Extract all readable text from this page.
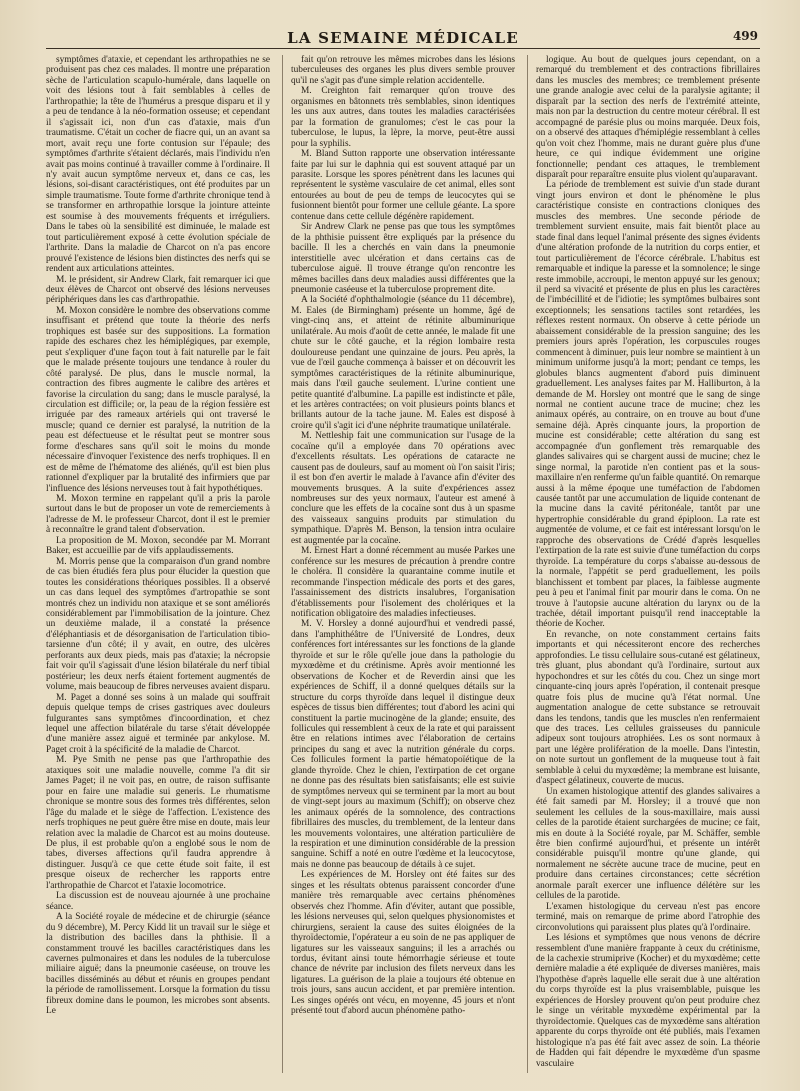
LA SEMAINE MÉDICALE	499

symptômes d'ataxie, et cependant les arthropathies ne se produisent pas chez ces malades. Il montre une préparation sèche de l'articulation scapulo-humérale, dans laquelle on voit des lésions tout à fait semblables à celles de l'arthropathie; la tête de l'humérus a presque disparu et il y a peu de tendance à la néo-formation osseuse; et cependant il s'agissait ici, non d'un cas d'ataxie, mais d'un traumatisme. C'était un cocher de fiacre qui, un an avant sa mort, avait reçu une forte contusion sur l'épaule; des symptômes d'arthrite s'étaient déclarés, mais l'individu n'en avait pas moins continué à travailler comme à l'ordinaire. Il n'y avait aucun symptôme nerveux et, dans ce cas, les lésions, soi-disant caractéristiques, ont été produites par un simple traumatisme. Toute forme d'arthrite chronique tend à se transformer en arthropathie lorsque la jointure atteinte est soumise à des mouvements fréquents et irréguliers. Dans le tabes où la sensibilité est diminuée, le malade est tout particulièrement exposé à cette évolution spéciale de l'arthrite. Dans la maladie de Charcot on n'a pas encore prouvé l'existence de lésions bien distinctes des nerfs qui se rendent aux articulations atteintes.

M. le président, sir Andrew Clark, fait remarquer ici que deux élèves de Charcot ont observé des lésions nerveuses périphériques dans les cas d'arthropathie.

M. Moxon considère le nombre des observations comme insuffisant et prétend que toute la théorie des nerfs trophiques est basée sur des suppositions. La formation rapide des eschares chez les hémiplégiques, par exemple, peut s'expliquer d'une façon tout à fait naturelle par le fait que le malade présente toujours une tendance à rouler du côté paralysé. De plus, dans le muscle normal, la contraction des fibres augmente le calibre des artères et favorise la circulation du sang; dans le muscle paralysé, la circulation est difficile; or, la peau de la région fessière est irriguée par des rameaux artériels qui ont traversé le muscle; quand ce dernier est paralysé, la nutrition de la peau est défectueuse et le résultat peut se montrer sous forme d'eschares sans qu'il soit le moins du monde nécessaire d'invoquer l'existence des nerfs trophiques. Il en est de même de l'hématome des aliénés, qu'il est bien plus rationnel d'expliquer par la brutalité des infirmiers que par l'influence des lésions nerveuses tout à fait hypothétiques.

M. Moxon termine en rappelant qu'il a pris la parole surtout dans le but de proposer un vote de remerciements à l'adresse de M. le professeur Charcot, dont il est le premier à reconnaître le grand talent d'observation.

La proposition de M. Moxon, secondée par M. Morrant Baker, est accueillie par de vifs applaudissements.

M. Morris pense que la comparaison d'un grand nombre de cas bien étudiés fera plus pour élucider la question que toutes les considérations théoriques possibles. Il a observé un cas dans lequel des symptômes d'artropathie se sont montrés chez un individu non ataxique et se sont améliorés considérablement par l'immobilisation de la jointure. Chez un deuxième malade, il a constaté la présence d'éléphantiasis et de désorganisation de l'articulation tibio-tarsienne d'un côté; il y avait, en outre, des ulcères perforants aux deux pieds, mais pas d'ataxie; la nécropsie fait voir qu'il s'agissait d'une lésion bilatérale du nerf tibial postérieur; les deux nerfs étaient fortement augmentés de volume, mais beaucoup de fibres nerveuses avaient disparu.

M. Paget a donné ses soins à un malade qui souffrait depuis quelque temps de crises gastriques avec douleurs fulgurantes sans symptômes d'incoordination, et chez lequel une affection bilatérale du tarse s'était développée d'une manière assez aiguë et terminée par ankylose. M. Paget croit à la spécificité de la maladie de Charcot.

M. Pye Smith ne pense pas que l'arthropathie des ataxiques soit une maladie nouvelle, comme l'a dit sir James Paget; il ne voit pas, en outre, de raison suffisante pour en faire une maladie sui generis. Le rhumatisme chronique se montre sous des formes très différentes, selon l'âge du malade et le siège de l'affection. L'existence des nerfs trophiques ne peut guère être mise en doute, mais leur relation avec la maladie de Charcot est au moins douteuse. De plus, il est probable qu'on a englobé sous le nom de tabes, diverses affections qu'il faudra apprendre à distinguer. Jusqu'à ce que cette étude soit faite, il est presque oiseux de rechercher les rapports entre l'arthropathie de Charcot et l'ataxie locomotrice.

La discussion est de nouveau ajournée à une prochaine séance.

A la Société royale de médecine et de chirurgie (séance du 9 décembre), M. Percy Kidd lit un travail sur le siège et la distribution des bacilles dans la phthisie. Il a constamment trouvé les bacilles caractéristiques dans les cavernes pulmonaires et dans les nodules de la tuberculose miliaire aiguë; dans la pneumonie caséeuse, on trouve les bacilles disséminés au début et réunis en groupes pendant la période de ramollissement. Lorsque la formation du tissu fibreux domine dans le poumon, les microbes sont absents. Le

fait qu'on retrouve les mêmes microbes dans les lésions tuberculeuses des organes les plus divers semble prouver qu'il ne s'agit pas d'une simple relation accidentelle.

M. Creighton fait remarquer qu'on trouve des organismes en bâtonnets très semblables, sinon identiques les uns aux autres, dans toutes les maladies caractérisées par la formation de granulomes; c'est le cas pour la tuberculose, le lupus, la lèpre, la morve, peut-être aussi pour la syphilis.

M. Bland Sutton rapporte une observation intéressante faite par lui sur le daphnia qui est souvent attaqué par un parasite. Lorsque les spores pénètrent dans les lacunes qui représentent le système vasculaire de cet animal, elles sont entourées au bout de peu de temps de leucocytes qui se fusionnent bientôt pour former une cellule géante. La spore contenue dans cette cellule dégénère rapidement.

Sir Andrew Clark ne pense pas que tous les symptômes de la phthisie puissent être expliqués par la présence du bacille. Il les a cherchés en vain dans la pneumonie interstitielle avec ulcération et dans certains cas de tuberculose aiguë. Il trouve étrange qu'on rencontre les mêmes bacilles dans deux maladies aussi différentes que la pneumonie caséeuse et la tuberculose proprement dite.

A la Société d'ophthalmologie (séance du 11 décembre), M. Eales (de Birmingham) présente un homme, âgé de vingt-cinq ans, et atteint de rétinite albuminurique unilatérale. Au mois d'août de cette année, le malade fit une chute sur le côté gauche, et la région lombaire resta douloureuse pendant une quinzaine de jours. Peu après, la vue de l'œil gauche commença à baisser et on découvrit les symptômes caractéristiques de la rétinite albuminurique, mais dans l'œil gauche seulement. L'urine contient une petite quantité d'albumine. La papille est indistincte et pâle, et les artères contractées; on voit plusieurs points blancs et brillants autour de la tache jaune. M. Eales est disposé à croire qu'il s'agit ici d'une néphrite traumatique unilatérale.

M. Nettleship fait une communication sur l'usage de la cocaïne qu'il a employée dans 70 opérations avec d'excellents résultats. Les opérations de cataracte ne causent pas de douleurs, sauf au moment où l'on saisit l'iris; il est bon d'en avertir le malade à l'avance afin d'éviter des mouvements brusques. A la suite d'expériences assez nombreuses sur des yeux normaux, l'auteur est amené à conclure que les effets de la cocaïne sont dus à un spasme des vaisseaux sanguins produits par stimulation du sympathique. D'après M. Benson, la tension intra oculaire est augmentée par la cocaïne.

M. Ernest Hart a donné récemment au musée Parkes une conférence sur les mesures de précaution à prendre contre le choléra. Il considère la quarantaine comme inutile et recommande l'inspection médicale des ports et des gares, l'assainissement des districts insalubres, l'organisation d'établissements pour l'isolement des cholériques et la notification obligatoire des maladies infectieuses.

M. V. Horsley a donné aujourd'hui et vendredi passé, dans l'amphithéâtre de l'Université de Londres, deux conférences fort intéressantes sur les fonctions de la glande thyroïde et sur le rôle qu'elle joue dans la pathologie du myxœdème et du crétinisme. Après avoir mentionné les observations de Kocher et de Reverdin ainsi que les expériences de Schiff, il a donné quelques détails sur la structure du corps thyroïde dans lequel il distingue deux espèces de tissus bien différentes; tout d'abord les acini qui constituent la partie mucinogène de la glande; ensuite, des follicules qui ressemblent à ceux de la rate et qui paraissent être en relations intimes avec l'élaboration de certains principes du sang et avec la nutrition générale du corps. Ces follicules forment la partie hématopoïétique de la glande thyroïde. Chez le chien, l'extirpation de cet organe ne donne pas des résultats bien satisfaisants; elle est suivie de symptômes nerveux qui se terminent par la mort au bout de vingt-sept jours au maximum (Schiff); on observe chez les animaux opérés de la somnolence, des contractions fibrillaires des muscles, du tremblement, de la lenteur dans les mouvements volontaires, une altération particulière de la respiration et une diminution considérable de la pression sanguine. Schiff a noté en outre l'œdème et la leucocytose, mais ne donne pas beaucoup de détails à ce sujet.

Les expériences de M. Horsley ont été faites sur des singes et les résultats obtenus paraissent concorder d'une manière très remarquable avec certains phénomènes observés chez l'homme. Afin d'éviter, autant que possible, les lésions nerveuses qui, selon quelques physionomistes et chirurgiens, seraient la cause des suites éloignées de la thyroïdectomie, l'opérateur a eu soin de ne pas appliquer de ligatures sur les vaisseaux sanguins; il les a arrachés ou tordus, évitant ainsi toute hémorrhagie sérieuse et toute chance de névrite par inclusion des filets nerveux dans les ligatures. La guérison de la plaie a toujours été obtenue en trois jours, sans aucun accident, et par première intention. Les singes opérés ont vécu, en moyenne, 45 jours et n'ont présenté tout d'abord aucun phénomène patho-

logique. Au bout de quelques jours cependant, on a remarqué du tremblement et des contractions fibrillaires dans les muscles des membres; ce tremblement présente une grande analogie avec celui de la paralysie agitante; il disparaît par la section des nerfs de l'extrémité atteinte, mais non par la destruction du centre moteur cérébral. Il est accompagné de parésie plus ou moins marquée. Deux fois, on a observé des attaques d'hémiplégie ressemblant à celles qu'on voit chez l'homme, mais ne durant guère plus d'une heure, ce qui indique évidemment une origine fonctionnelle; pendant ces attaques, le tremblement disparaît pour reparaître ensuite plus violent qu'auparavant.

La période de tremblement est suivie d'un stade durant vingt jours environ et dont le phénomène le plus caractéristique consiste en contractions cloniques des muscles des membres. Une seconde période de tremblement survient ensuite, mais fait bientôt place au stade final dans lequel l'animal présente des signes évidents d'une altération profonde de la nutrition du corps entier, et tout particulièrement de l'écorce cérébrale. L'habitus est remarquable et indique la paresse et la somnolence; le singe reste immobile, accroupi, le menton appuyé sur les genoux; il perd sa vivacité et présente de plus en plus les caractères de l'imbécillité et de l'idiotie; les symptômes bulbaires sont exceptionnels; les sensations tactiles sont retardées, les réflexes restent normaux. On observe à cette période un abaissement considérable de la pression sanguine; des les premiers jours après l'opération, les corpuscules rouges commencent à diminuer, puis leur nombre se maintient à un minimum uniforme jusqu'à la mort; pendant ce temps, les globules blancs augmentent d'abord puis diminuent graduellement. Les analyses faites par M. Halliburton, à la demande de M. Horsley ont montré que le sang de singe normal ne contient aucune trace de mucine; chez les animaux opérés, au contraire, on en trouve au bout d'une semaine déjà. Après cinquante jours, la proportion de mucine est considérable; cette altération du sang est accompagnée d'un gonflement très remarquable des glandes salivaires qui se chargent aussi de mucine; chez le singe normal, la parotide n'en contient pas et la sous-maxillaire n'en renferme qu'un faible quantité. On remarque aussi à la même époque une tuméfaction de l'abdomen causée tantôt par une accumulation de liquide contenant de la mucine dans la cavité péritonéale, tantôt par une hypertrophie considérable du grand épiploon. La rate est augmentée de volume, et ce fait est intéressant lorsqu'on le rapproche des observations de Crédé d'après lesquelles l'extirpation de la rate est suivie d'une tuméfaction du corps thyroïde. La température du corps s'abaisse au-dessous de la normale, l'appétit se perd graduellement, les poils blanchissent et tombent par places, la faiblesse augmente peu à peu et l'animal finit par mourir dans le coma. On ne trouve à l'autopsie aucune altération du larynx ou de la trachée, détail important puisqu'il rend inacceptable la théorie de Kocher.

En revanche, on note constamment certains faits importants et qui nécessiteront encore des recherches approfondies. Le tissu cellulaire sous-cutané est gélatineux, très gluant, plus abondant qu'à l'ordinaire, surtout aux hypochondres et sur les côtés du cou. Chez un singe mort cinquante-cinq jours après l'opération, il contenait presque quatre fois plus de mucine qu'à l'état normal. Une augmentation analogue de cette substance se retrouvait dans les tendons, tandis que les muscles n'en renfermaient que des traces. Les cellules graisseuses du pannicule adipeux sont toujours atrophiées. Les os sont normaux à part une légère prolifération de la moelle. Dans l'intestin, on note surtout un gonflement de la muqueuse tout à fait semblable à celui du myxœdème; la membrane est luisante, d'aspect gélatineux, couverte de mucus.

Un examen histologique attentif des glandes salivaires a été fait samedi par M. Horsley; il a trouvé que non seulement les cellules de la sous-maxillaire, mais aussi celles de la parotide étaient surchargées de mucine; ce fait, mis en doute à la Société royale, par M. Schäffer, semble être bien confirmé aujourd'hui, et présente un intérêt considérable puisqu'il montre qu'une glande, qui normalement ne sécrète aucune trace de mucine, peut en produire dans certaines circonstances; cette sécrétion anormale paraît exercer une influence délétère sur les cellules de la parotide.

L'examen histologique du cerveau n'est pas encore terminé, mais on remarque de prime abord l'atrophie des circonvolutions qui paraissent plus plates qu'à l'ordinaire.

Les lésions et symptômes que nous venons de décrire ressemblent d'une manière frappante à ceux du crétinisme, de la cachexie strumiprive (Kocher) et du myxœdème; cette dernière maladie a été expliquée de diverses manières, mais l'hypothèse d'après laquelle elle serait due à une altération du corps thyroïde est la plus vraisemblable, puisque les expériences de Horsley prouvent qu'on peut produire chez le singe un véritable myxœdème expérimental par la thyroïdectomie. Quelques cas de myxœdème sans altération apparente du corps thyroïde ont été publiés, mais l'examen histologique n'a pas été fait avec assez de soin. La théorie de Hadden qui fait dépendre le myxœdème d'un spasme vasculaire
